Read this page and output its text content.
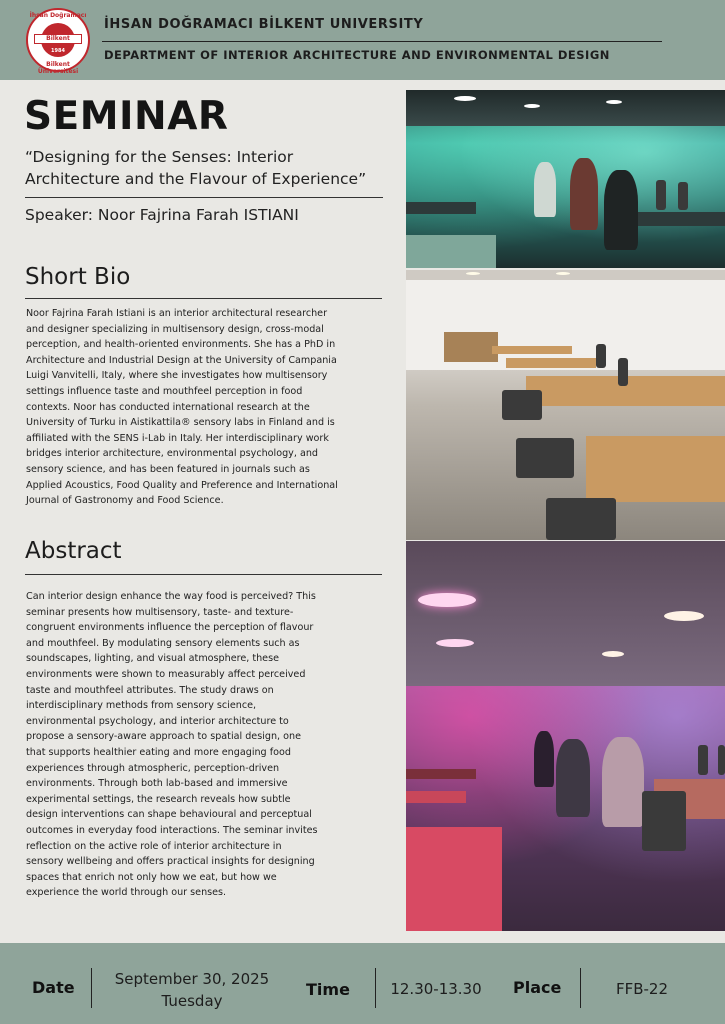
İhsan Doğramacı
Bilkent
Bilkent Üniversitesi
1984
İHSAN DOĞRAMACI BİLKENT UNIVERSITY
DEPARTMENT OF INTERIOR ARCHITECTURE AND ENVIRONMENTAL DESIGN
SEMINAR
“Designing for the Senses: Interior
Architecture and the Flavour of Experience”
Speaker: Noor Fajrina Farah ISTIANI
Short Bio
Noor Fajrina Farah Istiani is an interior architectural researcher
and designer specializing in multisensory design, cross-modal
perception, and health-oriented environments. She has a PhD in
Architecture and Industrial Design at the University of Campania
Luigi Vanvitelli, Italy, where she investigates how multisensory
settings influence taste and mouthfeel perception in food
contexts. Noor has conducted international research at the
University of Turku in Aistikattila® sensory labs in Finland and is
affiliated with the SENS i-Lab in Italy. Her interdisciplinary work
bridges interior architecture, environmental psychology, and
sensory science, and has been featured in journals such as
Applied Acoustics, Food Quality and Preference and International
Journal of Gastronomy and Food Science.
Abstract
Can interior design enhance the way food is perceived? This
seminar presents how multisensory, taste- and texture-
congruent environments influence the perception of flavour
and mouthfeel. By modulating sensory elements such as
soundscapes, lighting, and visual atmosphere, these
environments were shown to measurably affect perceived
taste and mouthfeel attributes. The study draws on
interdisciplinary methods from sensory science,
environmental psychology, and interior architecture to
propose a sensory-aware approach to spatial design, one
that supports healthier eating and more engaging food
experiences through atmospheric, perception-driven
environments. Through both lab-based and immersive
experimental settings, the research reveals how subtle
design interventions can shape behavioural and perceptual
outcomes in everyday food interactions. The seminar invites
reflection on the active role of interior architecture in
sensory wellbeing and offers practical insights for designing
spaces that enrich not only how we eat, but how we
experience the world through our senses.
Date	September 30, 2025
Tuesday
Time	12.30-13.30	Place	FFB-22
